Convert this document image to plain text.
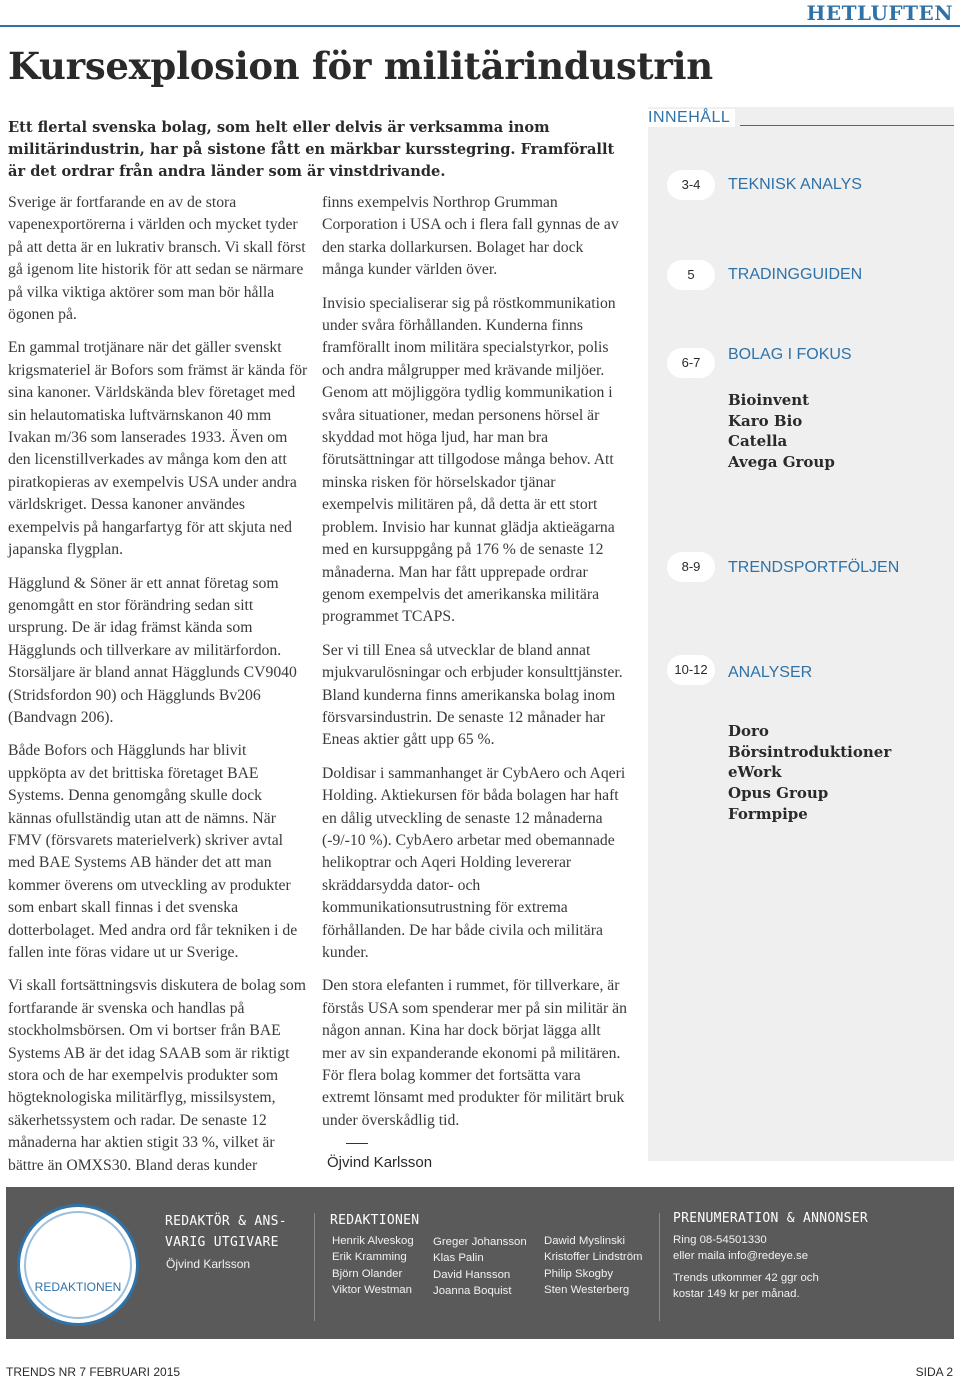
HETLUFTEN
Kursexplosion för militärindustrin

Ett flertal svenska bolag, som helt eller delvis är verksamma inom militärindustrin, har på sistone fått en märkbar kursstegring. Framförallt är det ordrar från andra länder som är vinstdrivande.

Sverige är fortfarande en av de stora vapenexportörerna i världen och mycket tyder på att detta är en lukrativ bransch. Vi skall först gå igenom lite historik för att sedan se närmare på vilka viktiga aktörer som man bör hålla ögonen på.

En gammal trotjänare när det gäller svenskt krigsmateriel är Bofors som främst är kända för sina kanoner. Världskända blev företaget med sin helautomatiska luftvärnskanon 40 mm Ivakan m/36 som lanserades 1933. Även om den licenstillverkades av många kom den att piratkopieras av exempelvis USA under andra världskriget. Dessa kanoner användes exempelvis på hangarfartyg för att skjuta ned japanska flygplan.

Hägglund & Söner är ett annat företag som genomgått en stor förändring sedan sitt ursprung. De är idag främst kända som Hägglunds och tillverkare av militärfordon. Storsäljare är bland annat Hägglunds CV9040 (Stridsfordon 90) och Hägglunds Bv206 (Bandvagn 206).

Både Bofors och Hägglunds har blivit uppköpta av det brittiska företaget BAE Systems. Denna genomgång skulle dock kännas ofullständig utan att de nämns. När FMV (försvarets materielverk) skriver avtal med BAE Systems AB händer det att man kommer överens om utveckling av produkter som enbart skall finnas i det svenska dotterbolaget. Med andra ord får tekniken i de fallen inte föras vidare ut ur Sverige.

Vi skall fortsättningsvis diskutera de bolag som fortfarande är svenska och handlas på stockholmsbörsen. Om vi bortser från BAE Systems AB är det idag SAAB som är riktigt stora och de har exempelvis produkter som högteknologiska militärflyg, missilsystem, säkerhetssystem och radar. De senaste 12 månaderna har aktien stigit 33 %, vilket är bättre än OMXS30. Bland deras kunder

finns exempelvis Northrop Grumman Corporation i USA och i flera fall gynnas de av den starka dollarkursen. Bolaget har dock många kunder världen över.

Invisio specialiserar sig på röstkommunikation under svåra förhållanden. Kunderna finns framförallt inom militära specialstyrkor, polis och andra målgrupper med krävande miljöer. Genom att möjliggöra tydlig kommunikation i svåra situationer, medan personens hörsel är skyddad mot höga ljud, har man bra förutsättningar att tillgodose många behov. Att minska risken för hörselskador tjänar exempelvis militären på, då detta är ett stort problem. Invisio har kunnat glädja aktieägarna med en kursuppgång på 176 % de senaste 12 månaderna. Man har fått upprepade ordrar genom exempelvis det amerikanska militära programmet TCAPS.

Ser vi till Enea så utvecklar de bland annat mjukvarulösningar och erbjuder konsulttjänster. Bland kunderna finns amerikanska bolag inom försvarsindustrin. De senaste 12 månader har Eneas aktier gått upp 65 %.

Doldisar i sammanhanget är CybAero och Aqeri Holding. Aktiekursen för båda bolagen har haft en dålig utveckling de senaste 12 månaderna (-9/-10 %). CybAero arbetar med obemannade helikoptrar och Aqeri Holding levererar skräddarsydda dator- och kommunikationsutrustning för extrema förhållanden. De har både civila och militära kunder.

Den stora elefanten i rummet, för tillverkare, är förstås USA som spenderar mer på sin militär än någon annan. Kina har dock börjat lägga allt mer av sin expanderande ekonomi på militären. För flera bolag kommer det fortsätta vara extremt lönsamt med produkter för militärt bruk under överskådlig tid.

Öjvind Karlsson
INNEHÅLL
3-4	TEKNISK ANALYS
5	TRADINGGUIDEN
6-7	BOLAG I FOKUS
Bioinvent
Karo Bio
Catella
Avega Group
8-9	TRENDSPORTFÖLJEN
10-12	ANALYSER
Doro
Börsintroduktioner
eWork
Opus Group
Formpipe
REDAKTIONEN
REDAKTÖR & ANS-
VARIG UTGIVARE
Öjvind Karlsson
REDAKTIONEN
Henrik Alveskog
Erik Kramming
Björn Olander
Viktor Westman
Greger Johansson
Klas Palin
David Hansson
Joanna Boquist
Dawid Myslinski
Kristoffer Lindström
Philip Skogby
Sten Westerberg
PRENUMERATION & ANNONSER
Ring 08-54501330
eller maila info@redeye.se
Trends utkommer 42 ggr och
kostar 149 kr per månad.
TRENDS NR 7 FEBRUARI 2015	SIDA 2
